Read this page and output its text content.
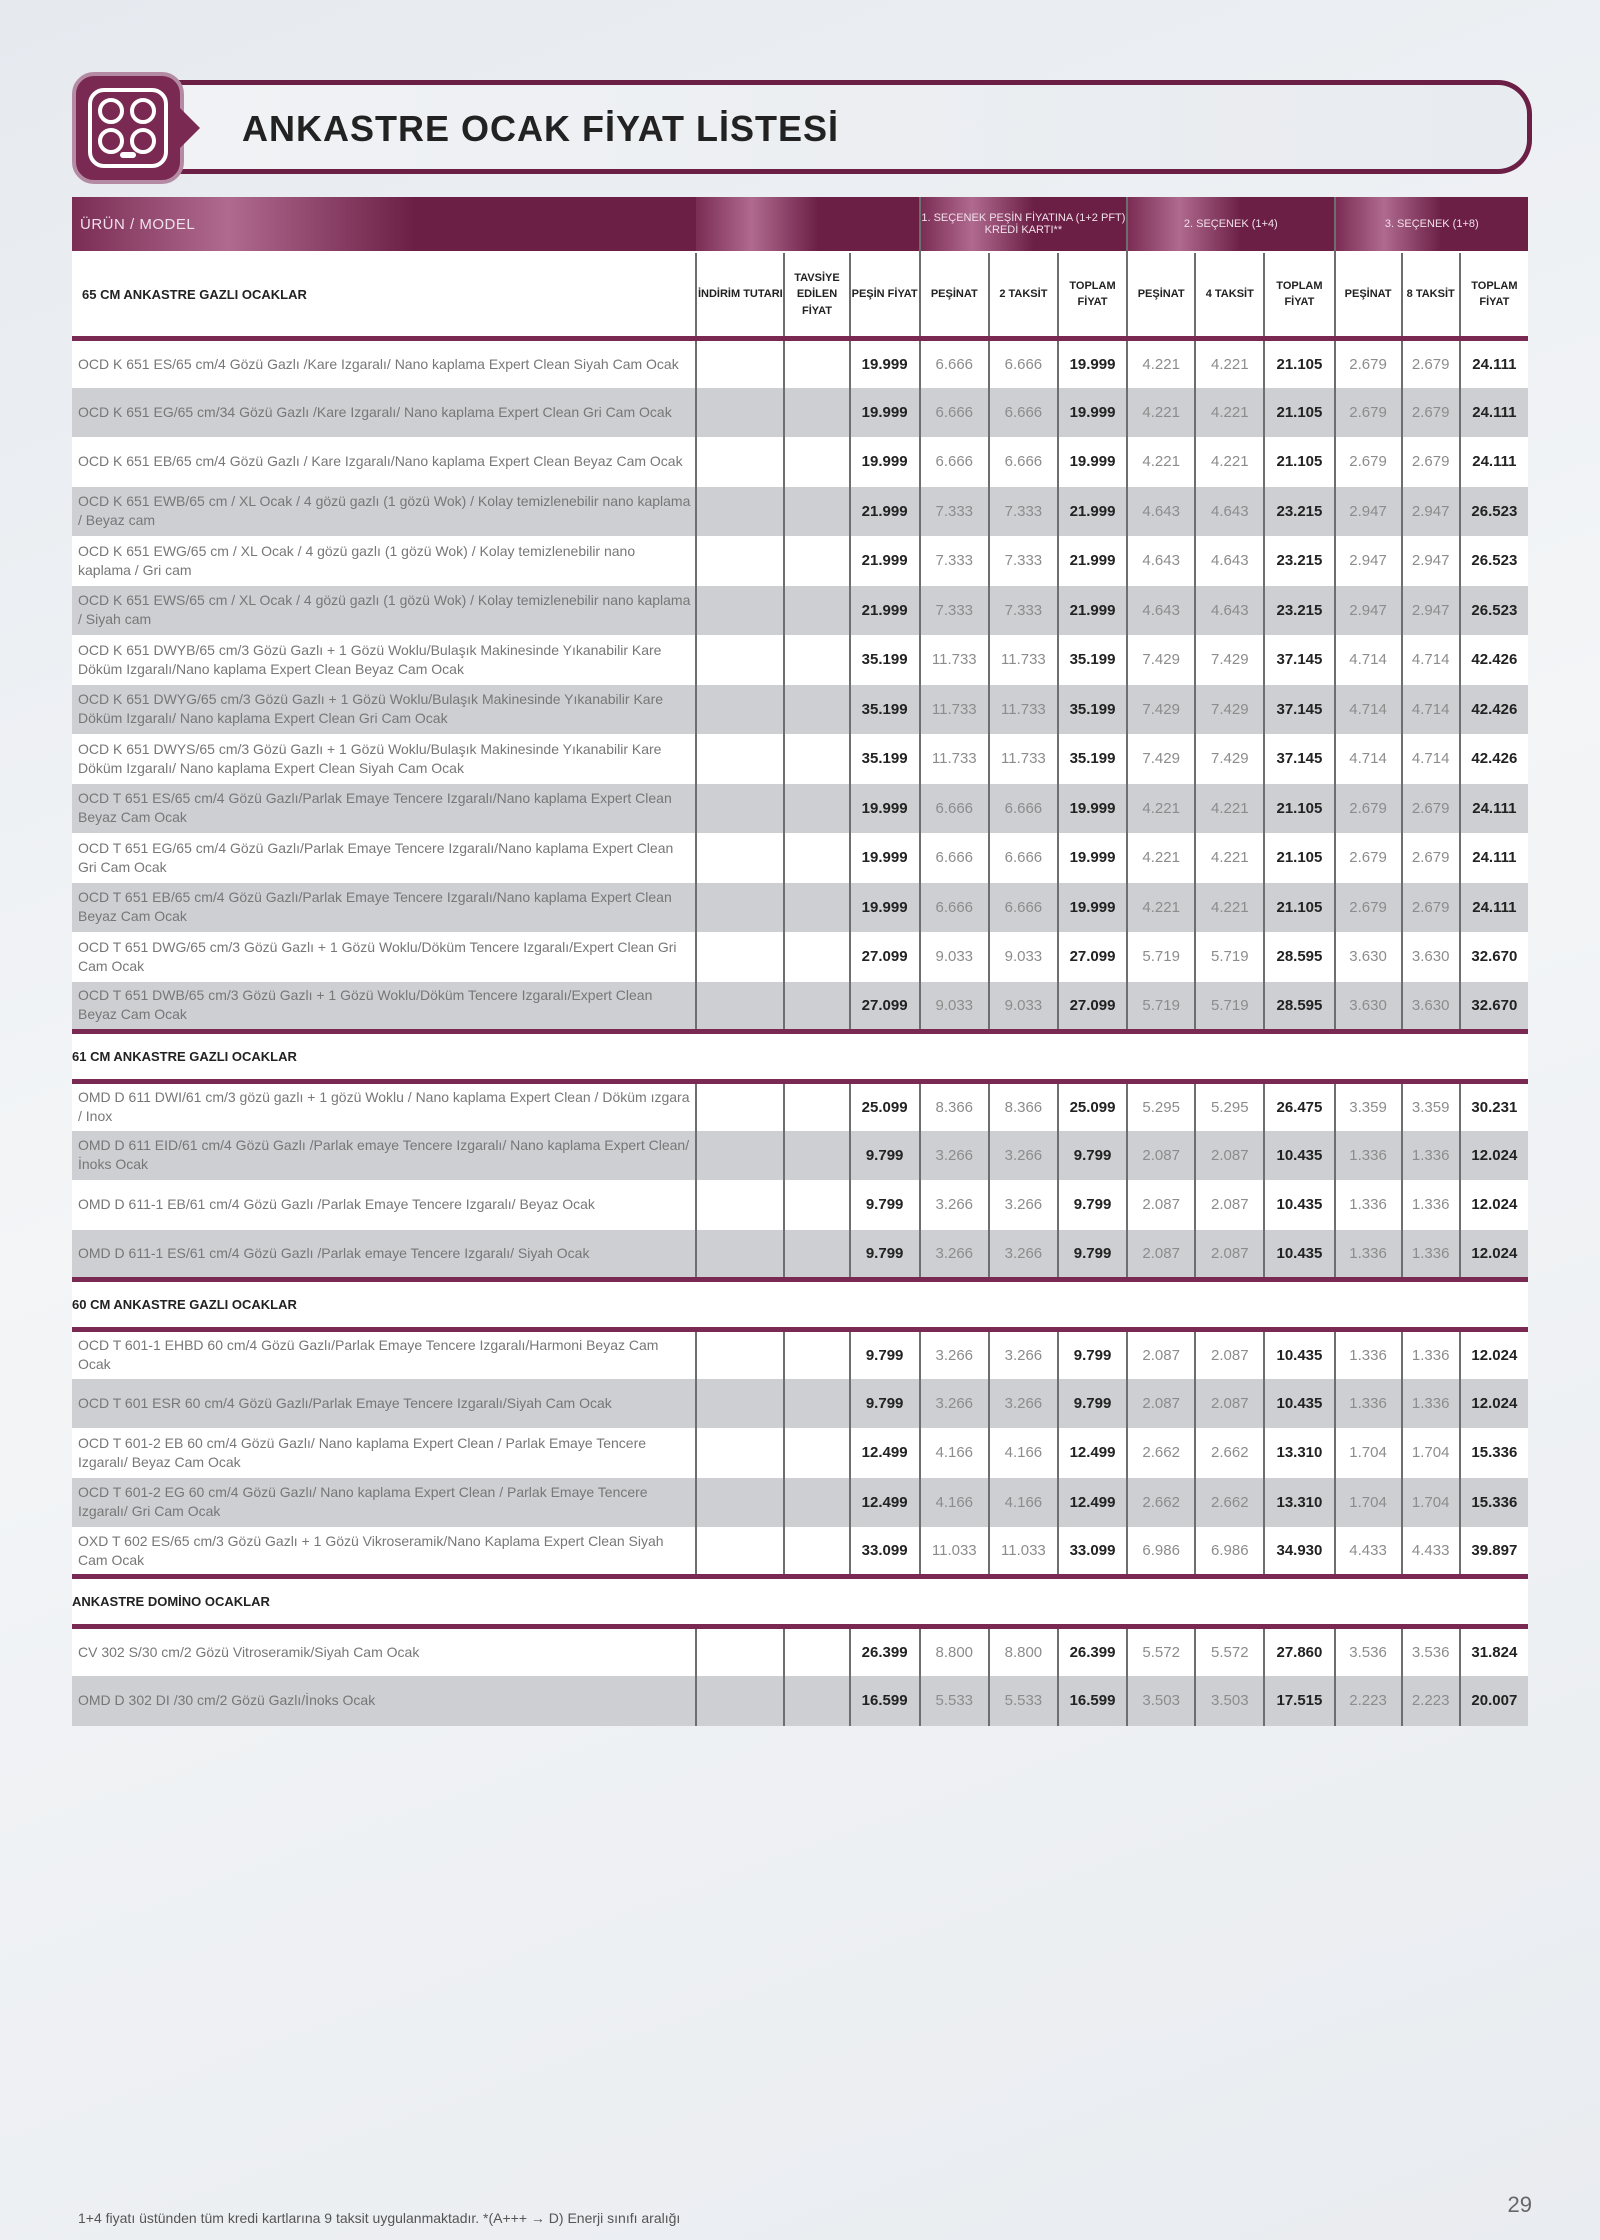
ANKASTRE OCAK FİYAT LİSTESİ
ÜRÜN / MODEL				1. SEÇENEK PEŞİN FİYATINA (1+2 PFT) KREDİ KARTI**			2. SEÇENEK (1+4)			3. SEÇENEK (1+8)		
65 CM ANKASTRE GAZLI OCAKLAR	İNDİRİM TUTARI	TAVSİYE EDİLEN FİYAT	PEŞİN FİYAT	PEŞİNAT	2 TAKSİT	TOPLAM FİYAT	PEŞİNAT	4 TAKSİT	TOPLAM FİYAT	PEŞİNAT	8 TAKSİT	TOPLAM FİYAT
OCD K 651 ES/65 cm/4 Gözü Gazlı /Kare Izgaralı/ Nano kaplama Expert Clean Siyah Cam Ocak			19.999	6.666	6.666	19.999	4.221	4.221	21.105	2.679	2.679	24.111
OCD K 651 EG/65 cm/34 Gözü Gazlı /Kare Izgaralı/ Nano kaplama Expert Clean Gri Cam Ocak			19.999	6.666	6.666	19.999	4.221	4.221	21.105	2.679	2.679	24.111
OCD K 651 EB/65 cm/4 Gözü Gazlı / Kare Izgaralı/Nano kaplama Expert Clean Beyaz Cam Ocak			19.999	6.666	6.666	19.999	4.221	4.221	21.105	2.679	2.679	24.111
OCD K 651 EWB/65 cm / XL Ocak / 4 gözü gazlı (1 gözü Wok) / Kolay temizlenebilir nano kaplama / Beyaz cam			21.999	7.333	7.333	21.999	4.643	4.643	23.215	2.947	2.947	26.523
OCD K 651 EWG/65 cm / XL Ocak / 4 gözü gazlı (1 gözü Wok) / Kolay temizlenebilir nano kaplama / Gri cam			21.999	7.333	7.333	21.999	4.643	4.643	23.215	2.947	2.947	26.523
OCD K 651 EWS/65 cm / XL Ocak / 4 gözü gazlı (1 gözü Wok) / Kolay temizlenebilir nano kaplama / Siyah cam			21.999	7.333	7.333	21.999	4.643	4.643	23.215	2.947	2.947	26.523
OCD K 651 DWYB/65 cm/3 Gözü Gazlı + 1 Gözü Woklu/Bulaşık Makinesinde Yıkanabilir Kare Döküm Izgaralı/Nano kaplama Expert Clean Beyaz Cam Ocak			35.199	11.733	11.733	35.199	7.429	7.429	37.145	4.714	4.714	42.426
OCD K 651 DWYG/65 cm/3 Gözü Gazlı + 1 Gözü Woklu/Bulaşık Makinesinde Yıkanabilir Kare Döküm Izgaralı/ Nano kaplama Expert Clean Gri Cam Ocak			35.199	11.733	11.733	35.199	7.429	7.429	37.145	4.714	4.714	42.426
OCD K 651 DWYS/65 cm/3 Gözü Gazlı + 1 Gözü Woklu/Bulaşık Makinesinde Yıkanabilir Kare Döküm Izgaralı/ Nano kaplama Expert Clean Siyah Cam Ocak			35.199	11.733	11.733	35.199	7.429	7.429	37.145	4.714	4.714	42.426
OCD T 651 ES/65 cm/4 Gözü Gazlı/Parlak Emaye Tencere Izgaralı/Nano kaplama Expert Clean Beyaz Cam Ocak			19.999	6.666	6.666	19.999	4.221	4.221	21.105	2.679	2.679	24.111
OCD T 651 EG/65 cm/4 Gözü Gazlı/Parlak Emaye Tencere Izgaralı/Nano kaplama Expert Clean Gri Cam Ocak			19.999	6.666	6.666	19.999	4.221	4.221	21.105	2.679	2.679	24.111
OCD T 651 EB/65 cm/4 Gözü Gazlı/Parlak Emaye Tencere Izgaralı/Nano kaplama Expert Clean Beyaz Cam Ocak			19.999	6.666	6.666	19.999	4.221	4.221	21.105	2.679	2.679	24.111
OCD T 651 DWG/65 cm/3 Gözü Gazlı + 1 Gözü Woklu/Döküm Tencere Izgaralı/Expert Clean Gri Cam Ocak			27.099	9.033	9.033	27.099	5.719	5.719	28.595	3.630	3.630	32.670
OCD T 651 DWB/65 cm/3 Gözü Gazlı + 1 Gözü Woklu/Döküm Tencere Izgaralı/Expert Clean Beyaz Cam Ocak			27.099	9.033	9.033	27.099	5.719	5.719	28.595	3.630	3.630	32.670
61 CM ANKASTRE GAZLI OCAKLAR												
OMD D 611 DWI/61 cm/3 gözü gazlı + 1 gözü Woklu / Nano kaplama Expert Clean / Döküm ızgara / Inox			25.099	8.366	8.366	25.099	5.295	5.295	26.475	3.359	3.359	30.231
OMD D 611 EID/61 cm/4 Gözü Gazlı /Parlak emaye Tencere Izgaralı/ Nano kaplama Expert Clean/İnoks Ocak			9.799	3.266	3.266	9.799	2.087	2.087	10.435	1.336	1.336	12.024
OMD D 611-1 EB/61 cm/4 Gözü Gazlı /Parlak Emaye Tencere Izgaralı/ Beyaz Ocak			9.799	3.266	3.266	9.799	2.087	2.087	10.435	1.336	1.336	12.024
OMD D 611-1 ES/61 cm/4 Gözü Gazlı /Parlak emaye Tencere Izgaralı/ Siyah Ocak			9.799	3.266	3.266	9.799	2.087	2.087	10.435	1.336	1.336	12.024
60 CM ANKASTRE GAZLI OCAKLAR												
OCD T 601-1 EHBD 60 cm/4 Gözü Gazlı/Parlak Emaye Tencere Izgaralı/Harmoni Beyaz Cam Ocak			9.799	3.266	3.266	9.799	2.087	2.087	10.435	1.336	1.336	12.024
OCD T 601 ESR 60 cm/4 Gözü Gazlı/Parlak Emaye Tencere Izgaralı/Siyah Cam Ocak			9.799	3.266	3.266	9.799	2.087	2.087	10.435	1.336	1.336	12.024
OCD T 601-2 EB 60 cm/4 Gözü Gazlı/ Nano kaplama Expert Clean / Parlak Emaye Tencere Izgaralı/ Beyaz Cam Ocak			12.499	4.166	4.166	12.499	2.662	2.662	13.310	1.704	1.704	15.336
OCD T 601-2 EG 60 cm/4 Gözü Gazlı/ Nano kaplama Expert Clean / Parlak Emaye Tencere Izgaralı/ Gri Cam Ocak			12.499	4.166	4.166	12.499	2.662	2.662	13.310	1.704	1.704	15.336
OXD T 602 ES/65 cm/3 Gözü Gazlı + 1 Gözü Vikroseramik/Nano Kaplama Expert Clean Siyah Cam Ocak			33.099	11.033	11.033	33.099	6.986	6.986	34.930	4.433	4.433	39.897
ANKASTRE DOMİNO OCAKLAR												
CV 302 S/30 cm/2 Gözü Vitroseramik/Siyah Cam Ocak			26.399	8.800	8.800	26.399	5.572	5.572	27.860	3.536	3.536	31.824
OMD D 302 DI /30 cm/2 Gözü Gazlı/İnoks Ocak			16.599	5.533	5.533	16.599	3.503	3.503	17.515	2.223	2.223	20.007
1+4 fiyatı üstünden tüm kredi kartlarına 9 taksit uygulanmaktadır. *(A+++ → D) Enerji sınıfı aralığı
29
